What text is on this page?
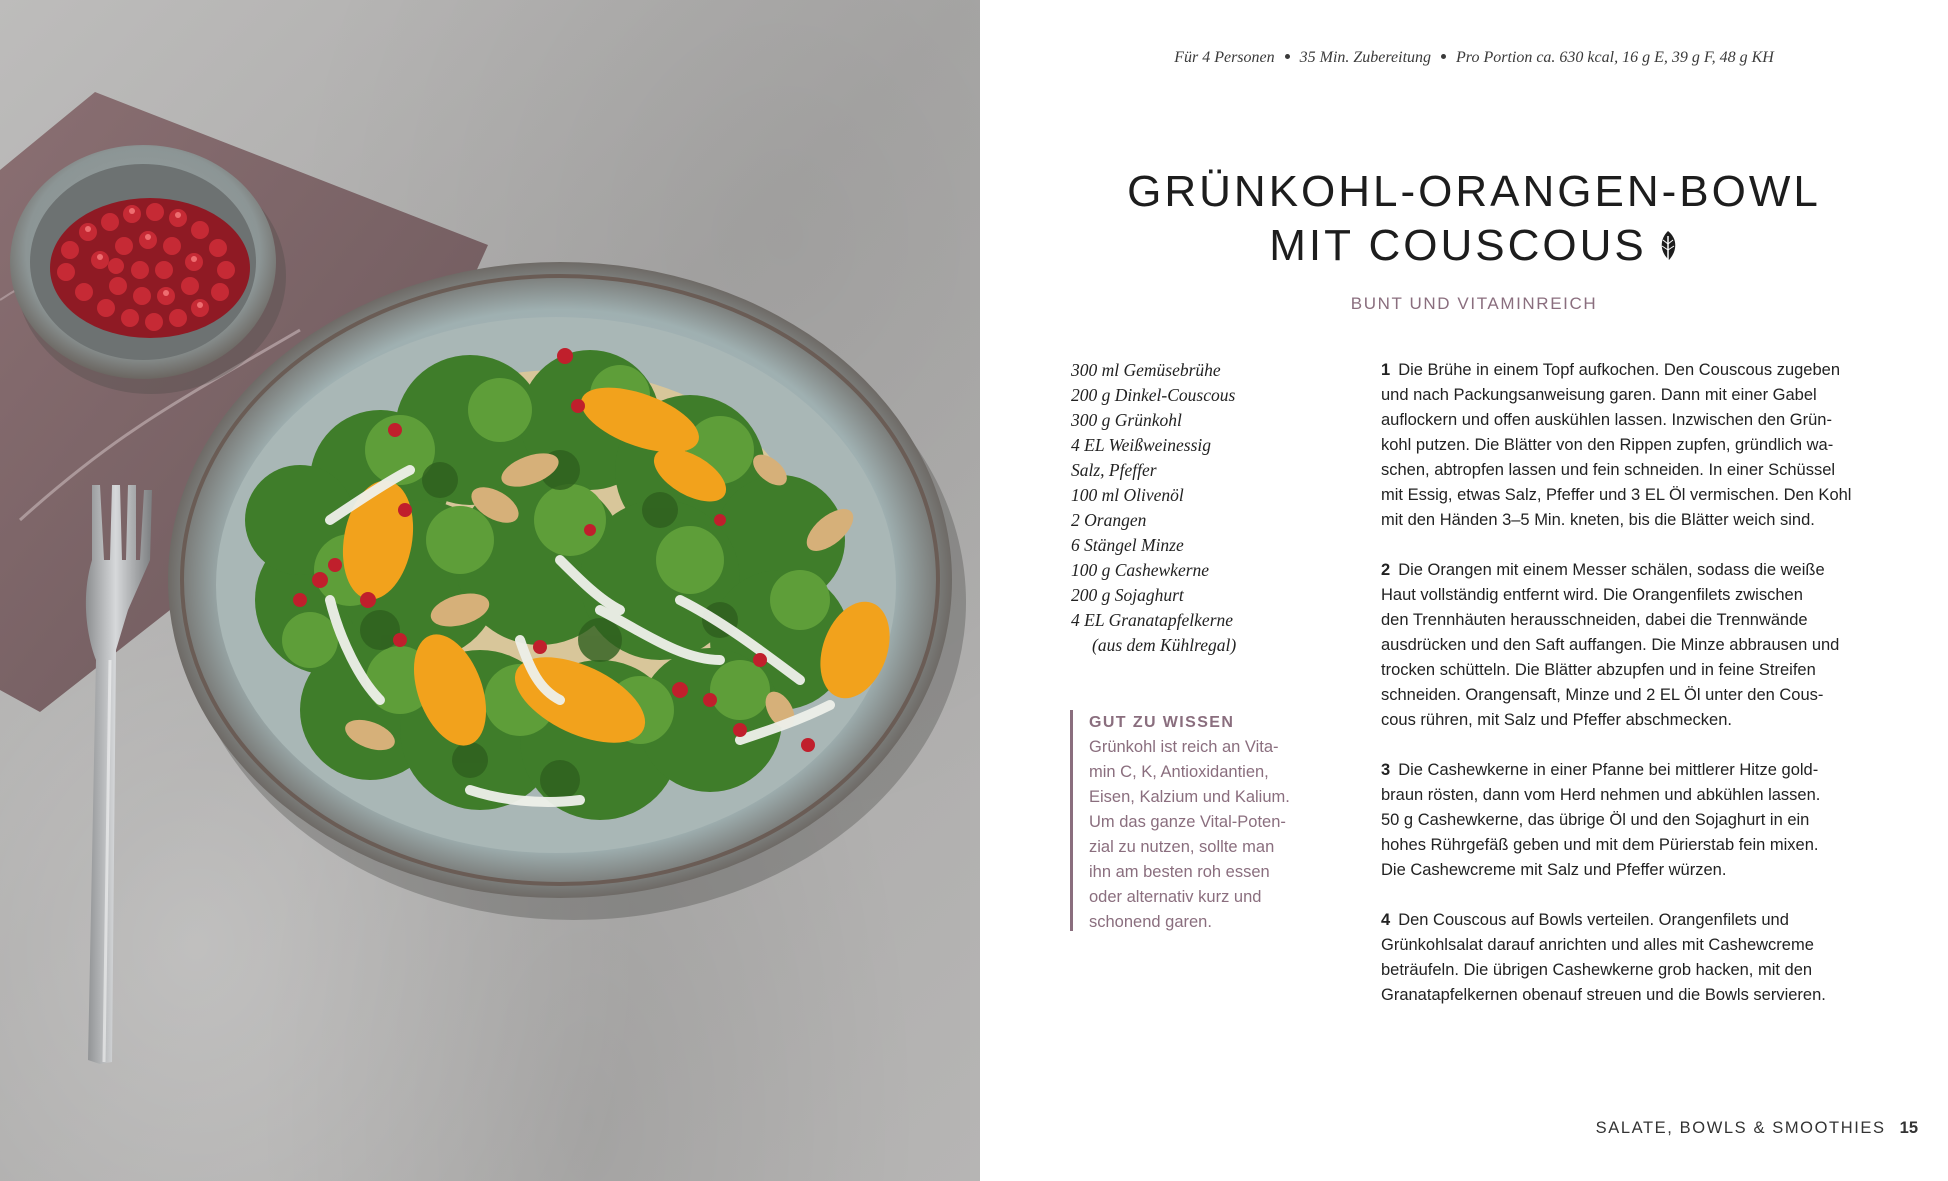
Für 4 Personen 35 Min. Zubereitung Pro Portion ca. 630 kcal, 16 g E, 39 g F, 48 g KH
GRÜNKOHL-ORANGEN-BOWL
MIT COUSCOUS
BUNT UND VITAMINREICH
300 ml Gemüsebrühe
200 g Dinkel-Couscous
300 g Grünkohl
4 EL Weißweinessig
Salz, Pfeffer
100 ml Olivenöl
2 Orangen
6 Stängel Minze
100 g Cashewkerne
200 g Sojaghurt
4 EL Granatapfelkerne
(aus dem Kühlregal)
GUT ZU WISSEN
Grünkohl ist reich an Vita-
min C, K, Antioxidantien,
Eisen, Kalzium und Kalium.
Um das ganze Vital-Poten-
zial zu nutzen, sollte man
ihn am besten roh essen
oder alternativ kurz und
schonend garen.
1 Die Brühe in einem Topf aufkochen. Den Couscous zugeben
und nach Packungsanweisung garen. Dann mit einer Gabel
auflockern und offen auskühlen lassen. Inzwischen den Grün-
kohl putzen. Die Blätter von den Rippen zupfen, gründlich wa-
schen, abtropfen lassen und fein schneiden. In einer Schüssel
mit Essig, etwas Salz, Pfeffer und 3 EL Öl vermischen. Den Kohl
mit den Händen 3–5 Min. kneten, bis die Blätter weich sind.
2 Die Orangen mit einem Messer schälen, sodass die weiße
Haut vollständig entfernt wird. Die Orangenfilets zwischen
den Trennhäuten herausschneiden, dabei die Trennwände
ausdrücken und den Saft auffangen. Die Minze abbrausen und
trocken schütteln. Die Blätter abzupfen und in feine Streifen
schneiden. Orangensaft, Minze und 2 EL Öl unter den Cous-
cous rühren, mit Salz und Pfeffer abschmecken.
3 Die Cashewkerne in einer Pfanne bei mittlerer Hitze gold-
braun rösten, dann vom Herd nehmen und abkühlen lassen.
50 g Cashewkerne, das übrige Öl und den Sojaghurt in ein
hohes Rührgefäß geben und mit dem Pürierstab fein mixen.
Die Cashewcreme mit Salz und Pfeffer würzen.
4 Den Couscous auf Bowls verteilen. Orangenfilets und
Grünkohlsalat darauf anrichten und alles mit Cashewcreme
beträufeln. Die übrigen Cashewkerne grob hacken, mit den
Granatapfelkernen obenauf streuen und die Bowls servieren.
SALATE, BOWLS & SMOOTHIES 15
